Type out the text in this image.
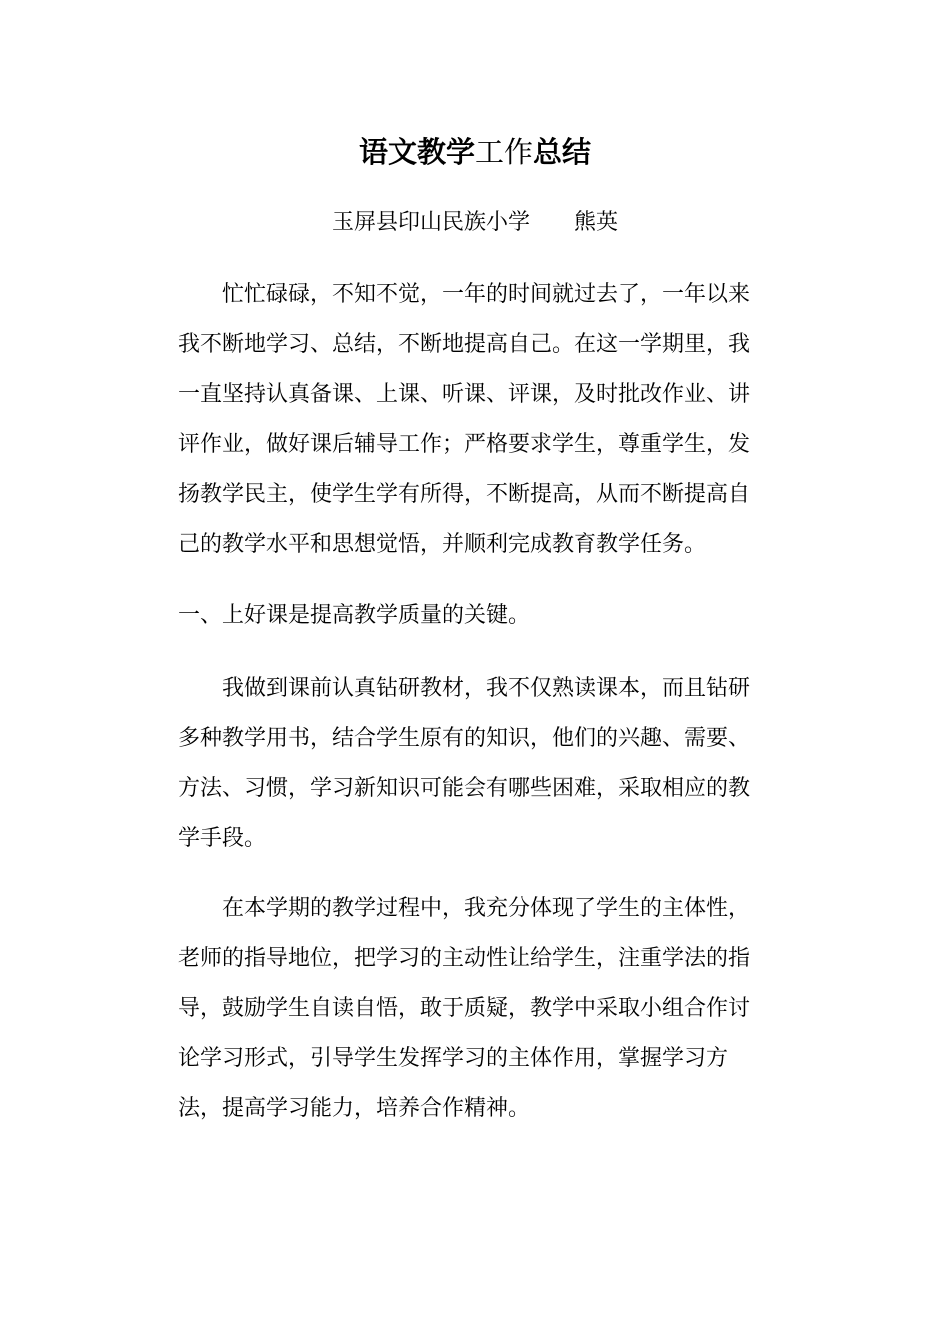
语文教学工作总结
玉屏县印山民族小学 熊英
忙忙碌碌，不知不觉，一年的时间就过去了，一年以来
我不断地学习、总结，不断地提高自己。在这一学期里，我
一直坚持认真备课、上课、听课、评课，及时批改作业、讲
评作业，做好课后辅导工作；严格要求学生，尊重学生，发
扬教学民主，使学生学有所得，不断提高，从而不断提高自
己的教学水平和思想觉悟，并顺利完成教育教学任务。
一、上好课是提高教学质量的关键。
我做到课前认真钻研教材，我不仅熟读课本，而且钻研
多种教学用书，结合学生原有的知识，他们的兴趣、需要、
方法、习惯，学习新知识可能会有哪些困难，采取相应的教
学手段。
在本学期的教学过程中，我充分体现了学生的主体性，
老师的指导地位，把学习的主动性让给学生，注重学法的指
导，鼓励学生自读自悟，敢于质疑，教学中采取小组合作讨
论学习形式，引导学生发挥学习的主体作用，掌握学习方
法，提高学习能力，培养合作精神。
